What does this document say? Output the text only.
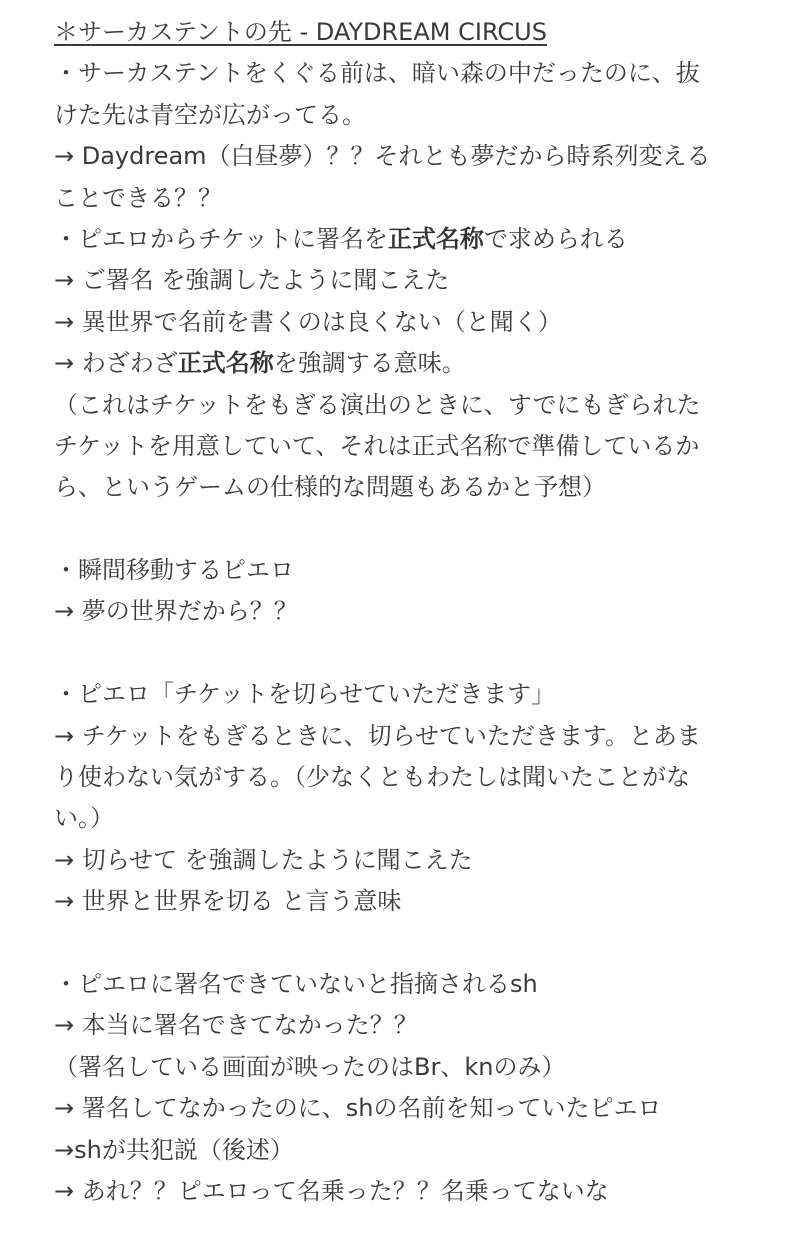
＊サーカステントの先 - DAYDREAM CIRCUS
・サーカステントをくぐる前は、暗い森の中だったのに、抜
けた先は青空が広がってる。
→ Daydream（白昼夢）？？それとも夢だから時系列変える
ことできる？？
・ピエロからチケットに署名を正式名称で求められる
→ ご署名 を強調したように聞こえた
→ 異世界で名前を書くのは良くない（と聞く）
→ わざわざ正式名称を強調する意味。
（これはチケットをもぎる演出のときに、すでにもぎられた
チケットを用意していて、それは正式名称で準備しているか
ら、というゲームの仕様的な問題もあるかと予想）
・瞬間移動するピエロ
→ 夢の世界だから？？
・ピエロ「チケットを切らせていただきます」
→ チケットをもぎるときに、切らせていただきます。とあま
り使わない気がする。（少なくともわたしは聞いたことがな
い。）
→ 切らせて を強調したように聞こえた
→ 世界と世界を切る と言う意味
・ピエロに署名できていないと指摘されるsh
→ 本当に署名できてなかった？？
（署名している画面が映ったのはBr、knのみ）
→ 署名してなかったのに、shの名前を知っていたピエロ
→shが共犯説（後述）
→ あれ？？ピエロって名乗った？？名乗ってないな
